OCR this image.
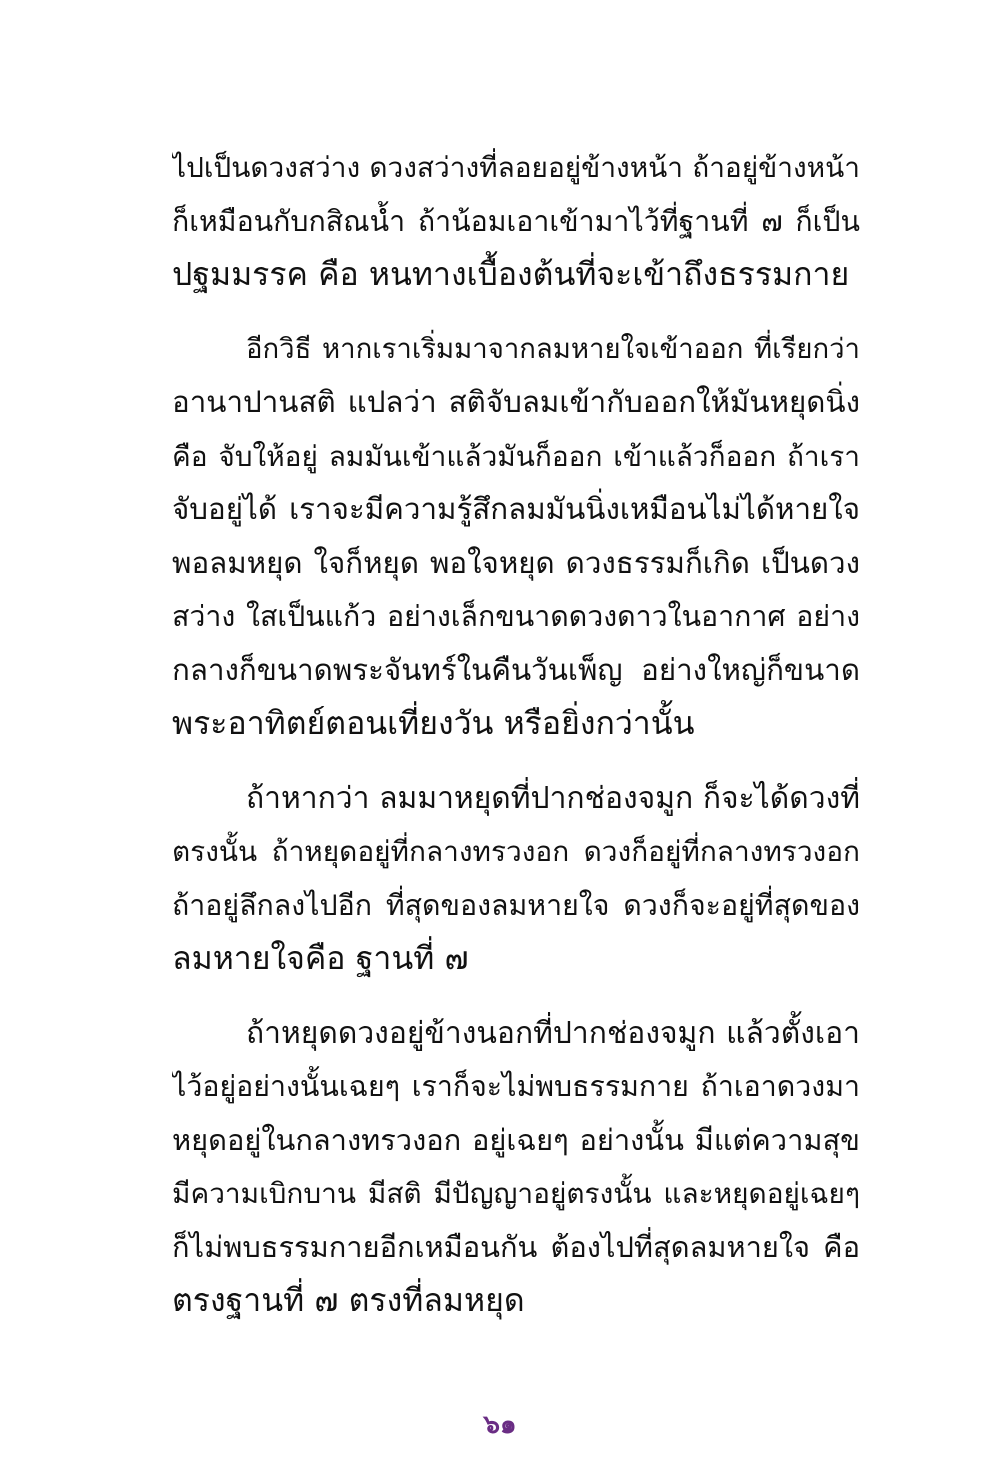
ไปเป็นดวงสว่าง ดวงสว่างที่ลอยอยู่ข้างหน้า ถ้าอยู่ข้างหน้า
ก็เหมือนกับกสิณน้ำ ถ้าน้อมเอาเข้ามาไว้ที่ฐานที่ ๗ ก็เป็น
ปฐมมรรค คือ หนทางเบื้องต้นที่จะเข้าถึงธรรมกาย
อีกวิธี หากเราเริ่มมาจากลมหายใจเข้าออก ที่เรียกว่า
อานาปานสติ แปลว่า สติจับลมเข้ากับออกให้มันหยุดนิ่ง
คือ จับให้อยู่ ลมมันเข้าแล้วมันก็ออก เข้าแล้วก็ออก ถ้าเรา
จับอยู่ได้ เราจะมีความรู้สึกลมมันนิ่งเหมือนไม่ได้หายใจ
พอลมหยุด ใจก็หยุด พอใจหยุด ดวงธรรมก็เกิด เป็นดวง
สว่าง ใสเป็นแก้ว อย่างเล็กขนาดดวงดาวในอากาศ อย่าง
กลางก็ขนาดพระจันทร์ในคืนวันเพ็ญ อย่างใหญ่ก็ขนาด
พระอาทิตย์ตอนเที่ยงวัน หรือยิ่งกว่านั้น
ถ้าหากว่า ลมมาหยุดที่ปากช่องจมูก ก็จะได้ดวงที่
ตรงนั้น ถ้าหยุดอยู่ที่กลางทรวงอก ดวงก็อยู่ที่กลางทรวงอก
ถ้าอยู่ลึกลงไปอีก ที่สุดของลมหายใจ ดวงก็จะอยู่ที่สุดของ
ลมหายใจคือ ฐานที่ ๗
ถ้าหยุดดวงอยู่ข้างนอกที่ปากช่องจมูก แล้วตั้งเอา
ไว้อยู่อย่างนั้นเฉยๆ เราก็จะไม่พบธรรมกาย ถ้าเอาดวงมา
หยุดอยู่ในกลางทรวงอก อยู่เฉยๆ อย่างนั้น มีแต่ความสุข
มีความเบิกบาน มีสติ มีปัญญาอยู่ตรงนั้น และหยุดอยู่เฉยๆ
ก็ไม่พบธรรมกายอีกเหมือนกัน ต้องไปที่สุดลมหายใจ คือ
ตรงฐานที่ ๗ ตรงที่ลมหยุด
๖๑
